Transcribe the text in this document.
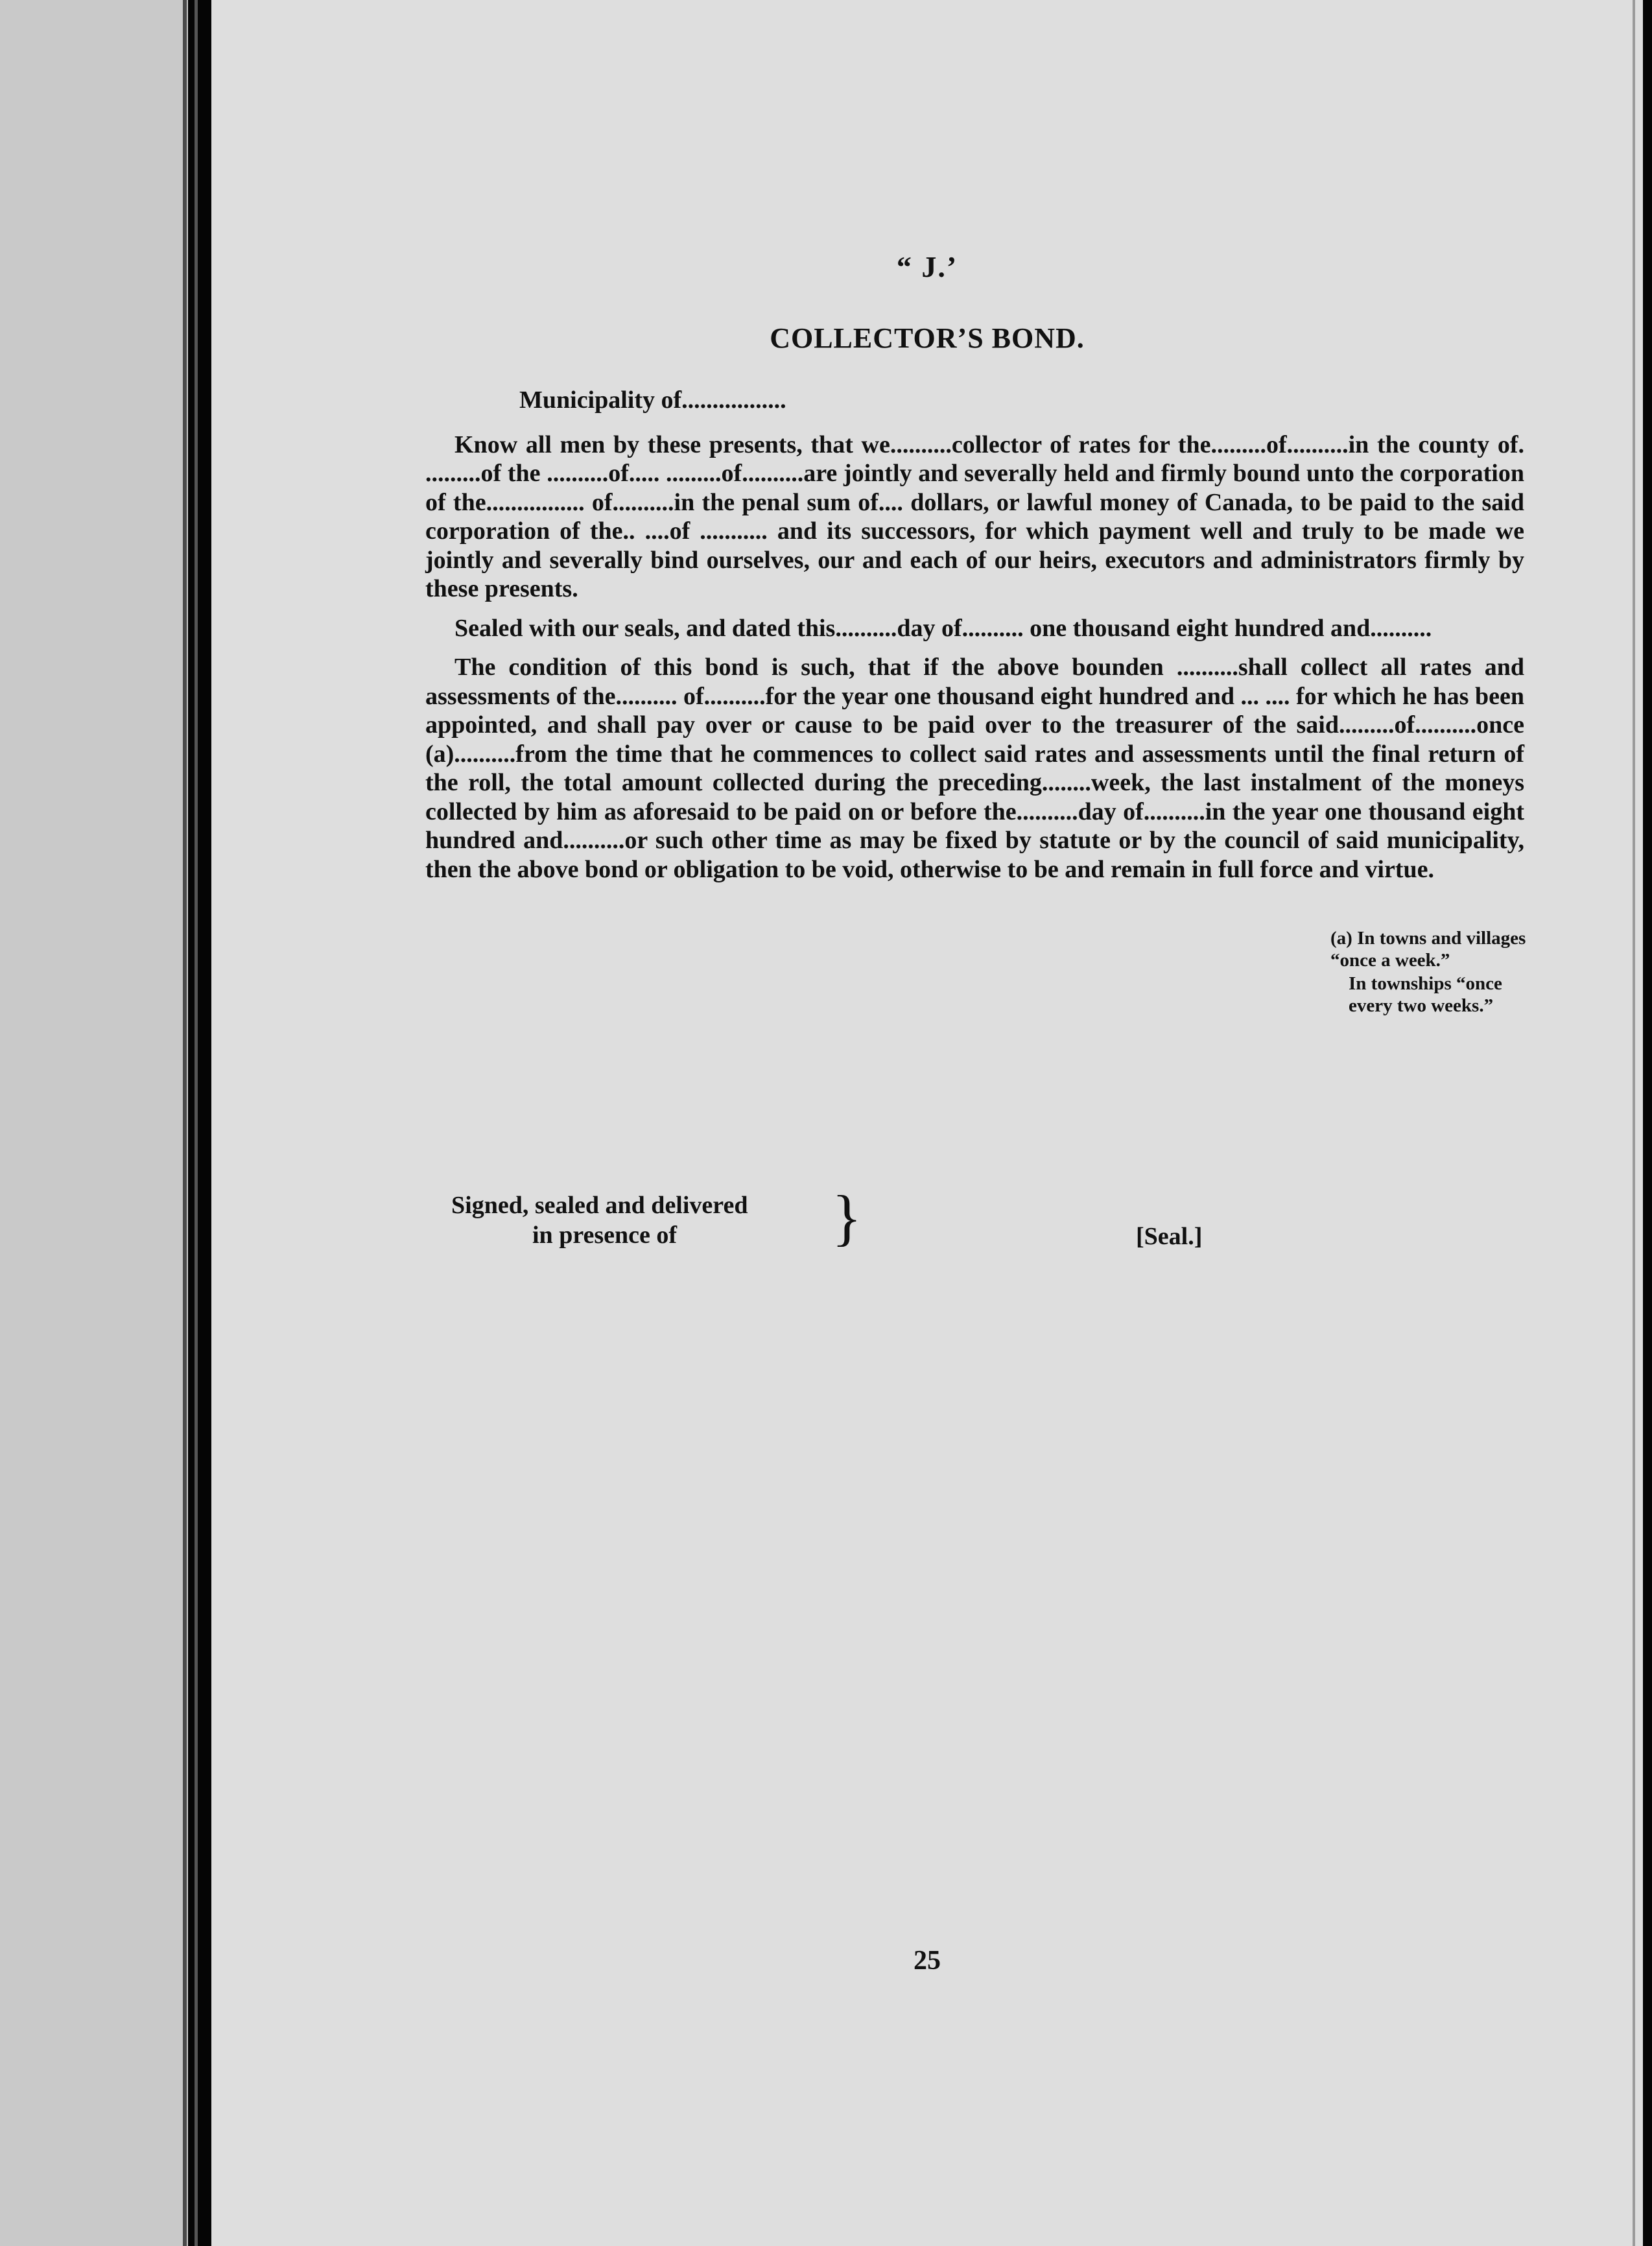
“ J.’
COLLECTOR’S BOND.

Municipality of.................

Know all men by these presents, that we..........collector of rates for the.........of..........in the county of. .........of the ..........of..... .........of..........are jointly and severally held and firmly bound unto the corporation of the................ of..........in the penal sum of.... dollars, or lawful money of Canada, to be paid to the said corporation of the.. ....of ........... and its successors, for which payment well and truly to be made we jointly and severally bind ourselves, our and each of our heirs, executors and administrators firmly by these presents.

Sealed with our seals, and dated this..........day of.......... one thousand eight hundred and..........

The condition of this bond is such, that if the above bounden ..........shall collect all rates and assessments of the.......... of..........for the year one thousand eight hundred and ... .... for which he has been appointed, and shall pay over or cause to be paid over to the treasurer of the said.........of..........once (a)..........from the time that he commences to collect said rates and assessments until the final return of the roll, the total amount collected during the preceding........week, the last instalment of the moneys collected by him as aforesaid to be paid on or before the..........day of..........in the year one thousand eight hundred and..........or such other time as may be fixed by statute or by the council of said municipality, then the above bond or obligation to be void, otherwise to be and remain in full force and virtue.

Signed, sealed and delivered
in presence of	}	[Seal.]

(a) In towns and villages “once a week.”

In townships “once every two weeks.”

25
